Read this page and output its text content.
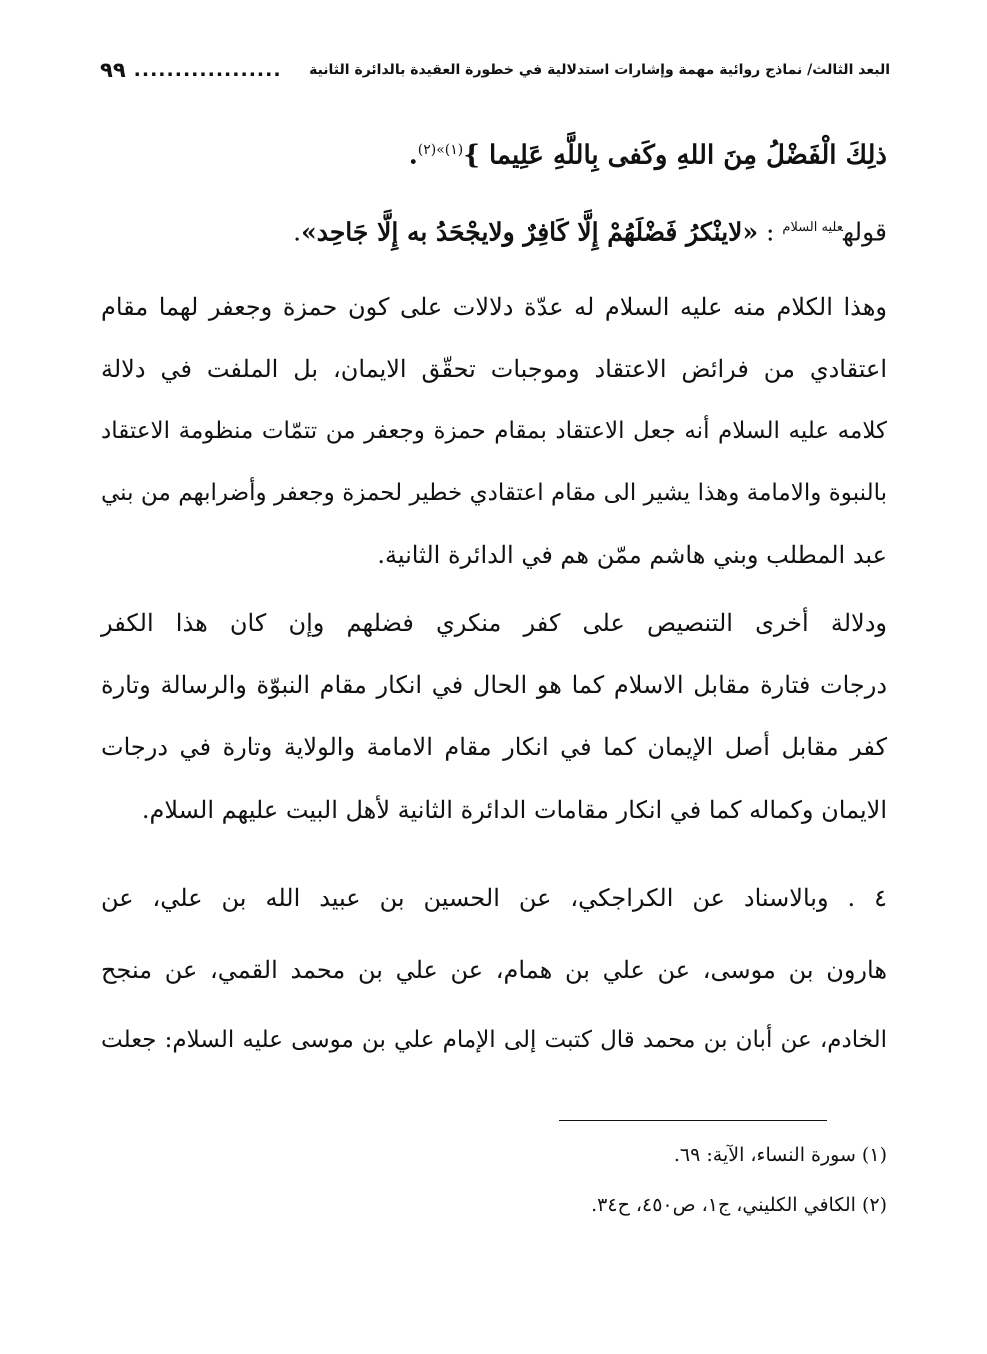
البعد الثالث/ نماذج روائية مهمة وإشارات استدلالية في خطورة العقيدة بالدائرة الثانية
..................
٩٩
ذلِكَ الْفَضْلُ مِنَ اللهِ وكَفى بِاللَّهِ عَلِيما }$^{(١)»(٢)}$.
قوله$^{عليه السلام}$ : «لاينْكرُ فَضْلَهُمْ إِلَّا كَافِرٌ ولايجْحَدُ به إِلَّا جَاحِد».
وهذا الكلام منه عليه السلام له عدّة دلالات على كون حمزة وجعفر لهما مقام
اعتقادي من فرائض الاعتقاد وموجبات تحقّق الايمان، بل الملفت في دلالة
كلامه عليه السلام أنه جعل الاعتقاد بمقام حمزة وجعفر من تتمّات منظومة الاعتقاد
بالنبوة والامامة وهذا يشير الى مقام اعتقادي خطير لحمزة وجعفر وأضرابهم من بني
عبد المطلب وبني هاشم ممّن هم في الدائرة الثانية.
ودلالة أخرى التنصيص على كفر منكري فضلهم وإن كان هذا الكفر
درجات فتارة مقابل الاسلام كما هو الحال في انكار مقام النبوّة والرسالة وتارة
كفر مقابل أصل الإيمان كما في انكار مقام الامامة والولاية وتارة في درجات
الايمان وكماله كما في انكار مقامات الدائرة الثانية لأهل البيت عليهم السلام.
٤ . وبالاسناد عن الكراجكي، عن الحسين بن عبيد الله بن علي، عن
هارون بن موسى، عن علي بن همام، عن علي بن محمد القمي، عن منجح
الخادم، عن أبان بن محمد قال كتبت إلى الإمام علي بن موسى عليه السلام: جعلت
(١) سورة النساء، الآية: ٦٩.
(٢) الكافي الكليني، ج١، ص٤٥٠، ح٣٤.
